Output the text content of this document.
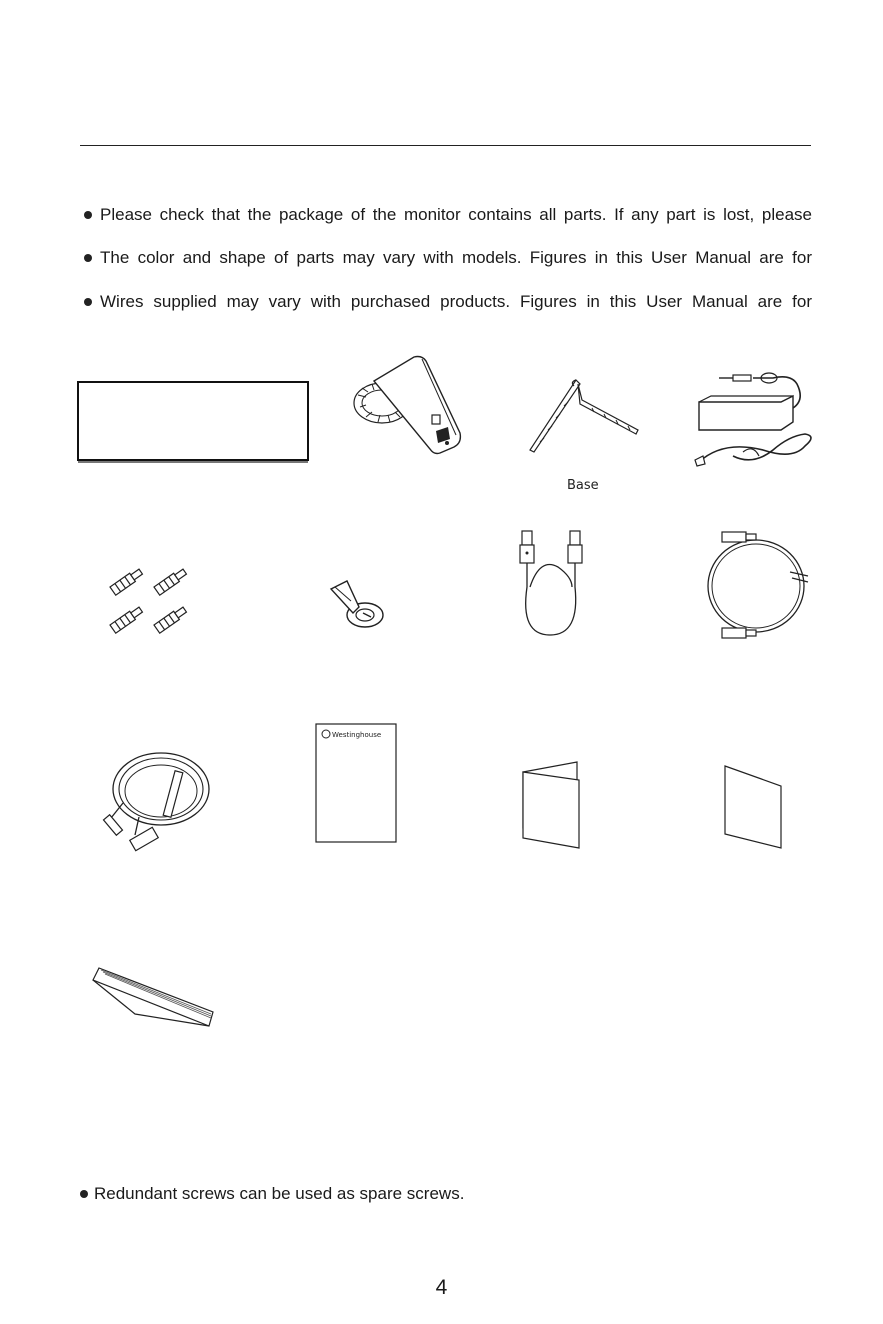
Please check that the package of the monitor contains all parts. If any part is lost, please
The color and shape of parts may vary with models. Figures in this User Manual are for
Wires supplied may vary with purchased products. Figures in this User Manual are for
Base
Westinghouse
Redundant screws can be used as spare screws.
4
